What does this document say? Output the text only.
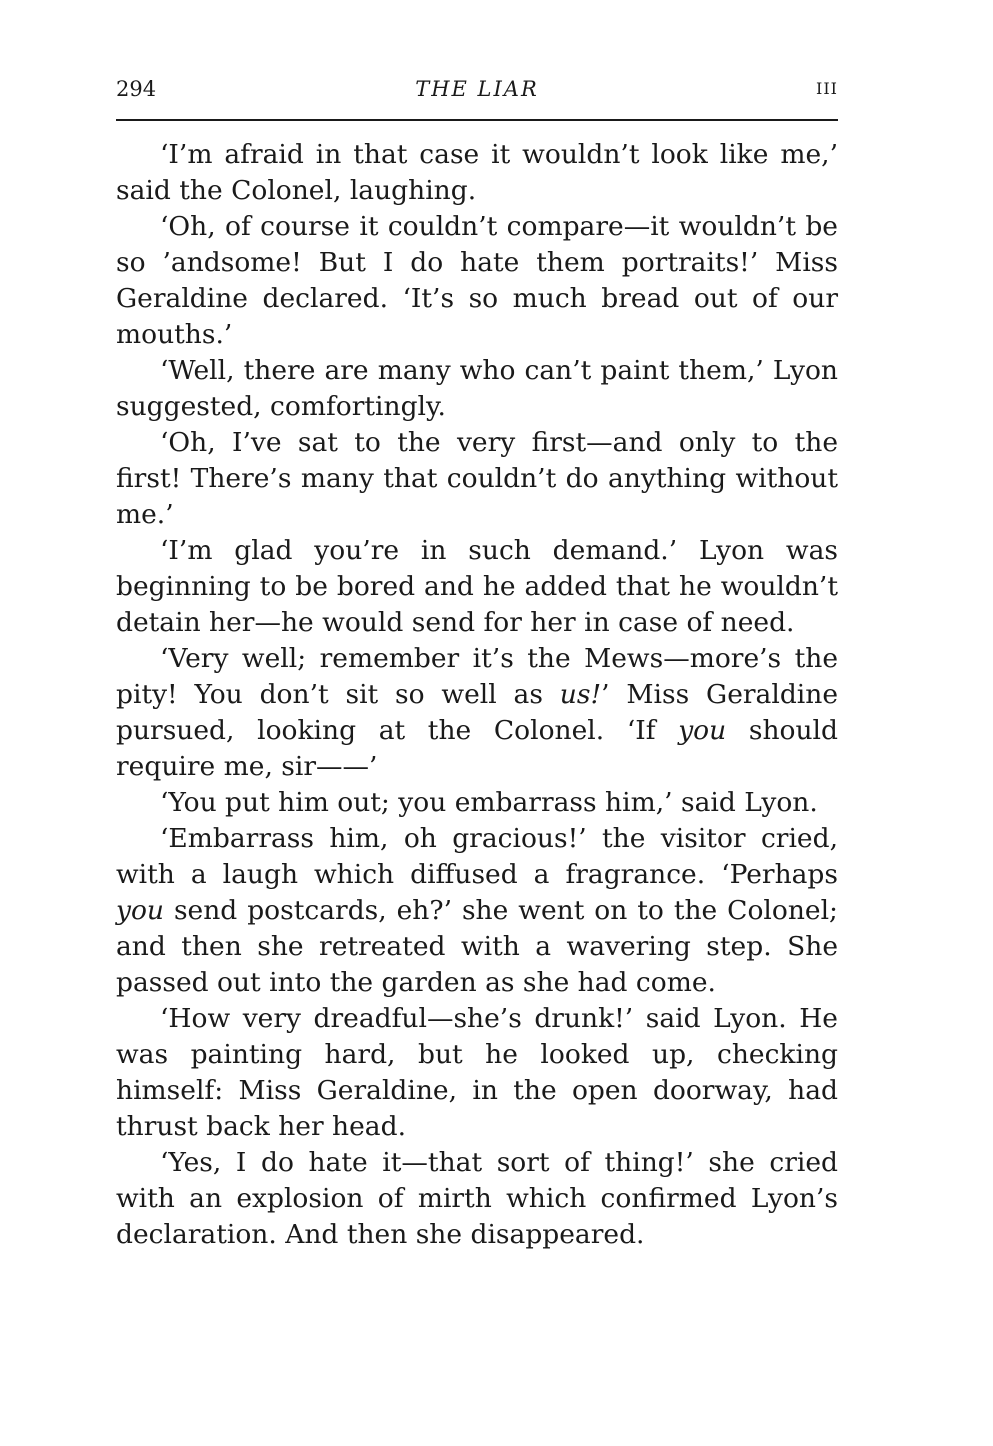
294	THE LIAR	III

‘I’m afraid in that case it wouldn’t look like me,’ said the Colonel, laughing.

‘Oh, of course it couldn’t compare—it wouldn’t be so ’andsome! But I do hate them portraits!’ Miss Geraldine declared. ‘It’s so much bread out of our mouths.’

‘Well, there are many who can’t paint them,’ Lyon suggested, comfortingly.

‘Oh, I’ve sat to the very first—and only to the first! There’s many that couldn’t do anything without me.’

‘I’m glad you’re in such demand.’ Lyon was beginning to be bored and he added that he wouldn’t detain her—he would send for her in case of need.

‘Very well; remember it’s the Mews—more’s the pity! You don’t sit so well as us!’ Miss Geraldine pursued, looking at the Colonel. ‘If you should require me, sir——’

‘You put him out; you embarrass him,’ said Lyon.

‘Embarrass him, oh gracious!’ the visitor cried, with a laugh which diffused a fragrance. ‘Perhaps you send postcards, eh?’ she went on to the Colonel; and then she retreated with a wavering step. She passed out into the garden as she had come.

‘How very dreadful—she’s drunk!’ said Lyon. He was painting hard, but he looked up, checking himself: Miss Geraldine, in the open doorway, had thrust back her head.

‘Yes, I do hate it—that sort of thing!’ she cried with an explosion of mirth which confirmed Lyon’s declaration. And then she disappeared.
